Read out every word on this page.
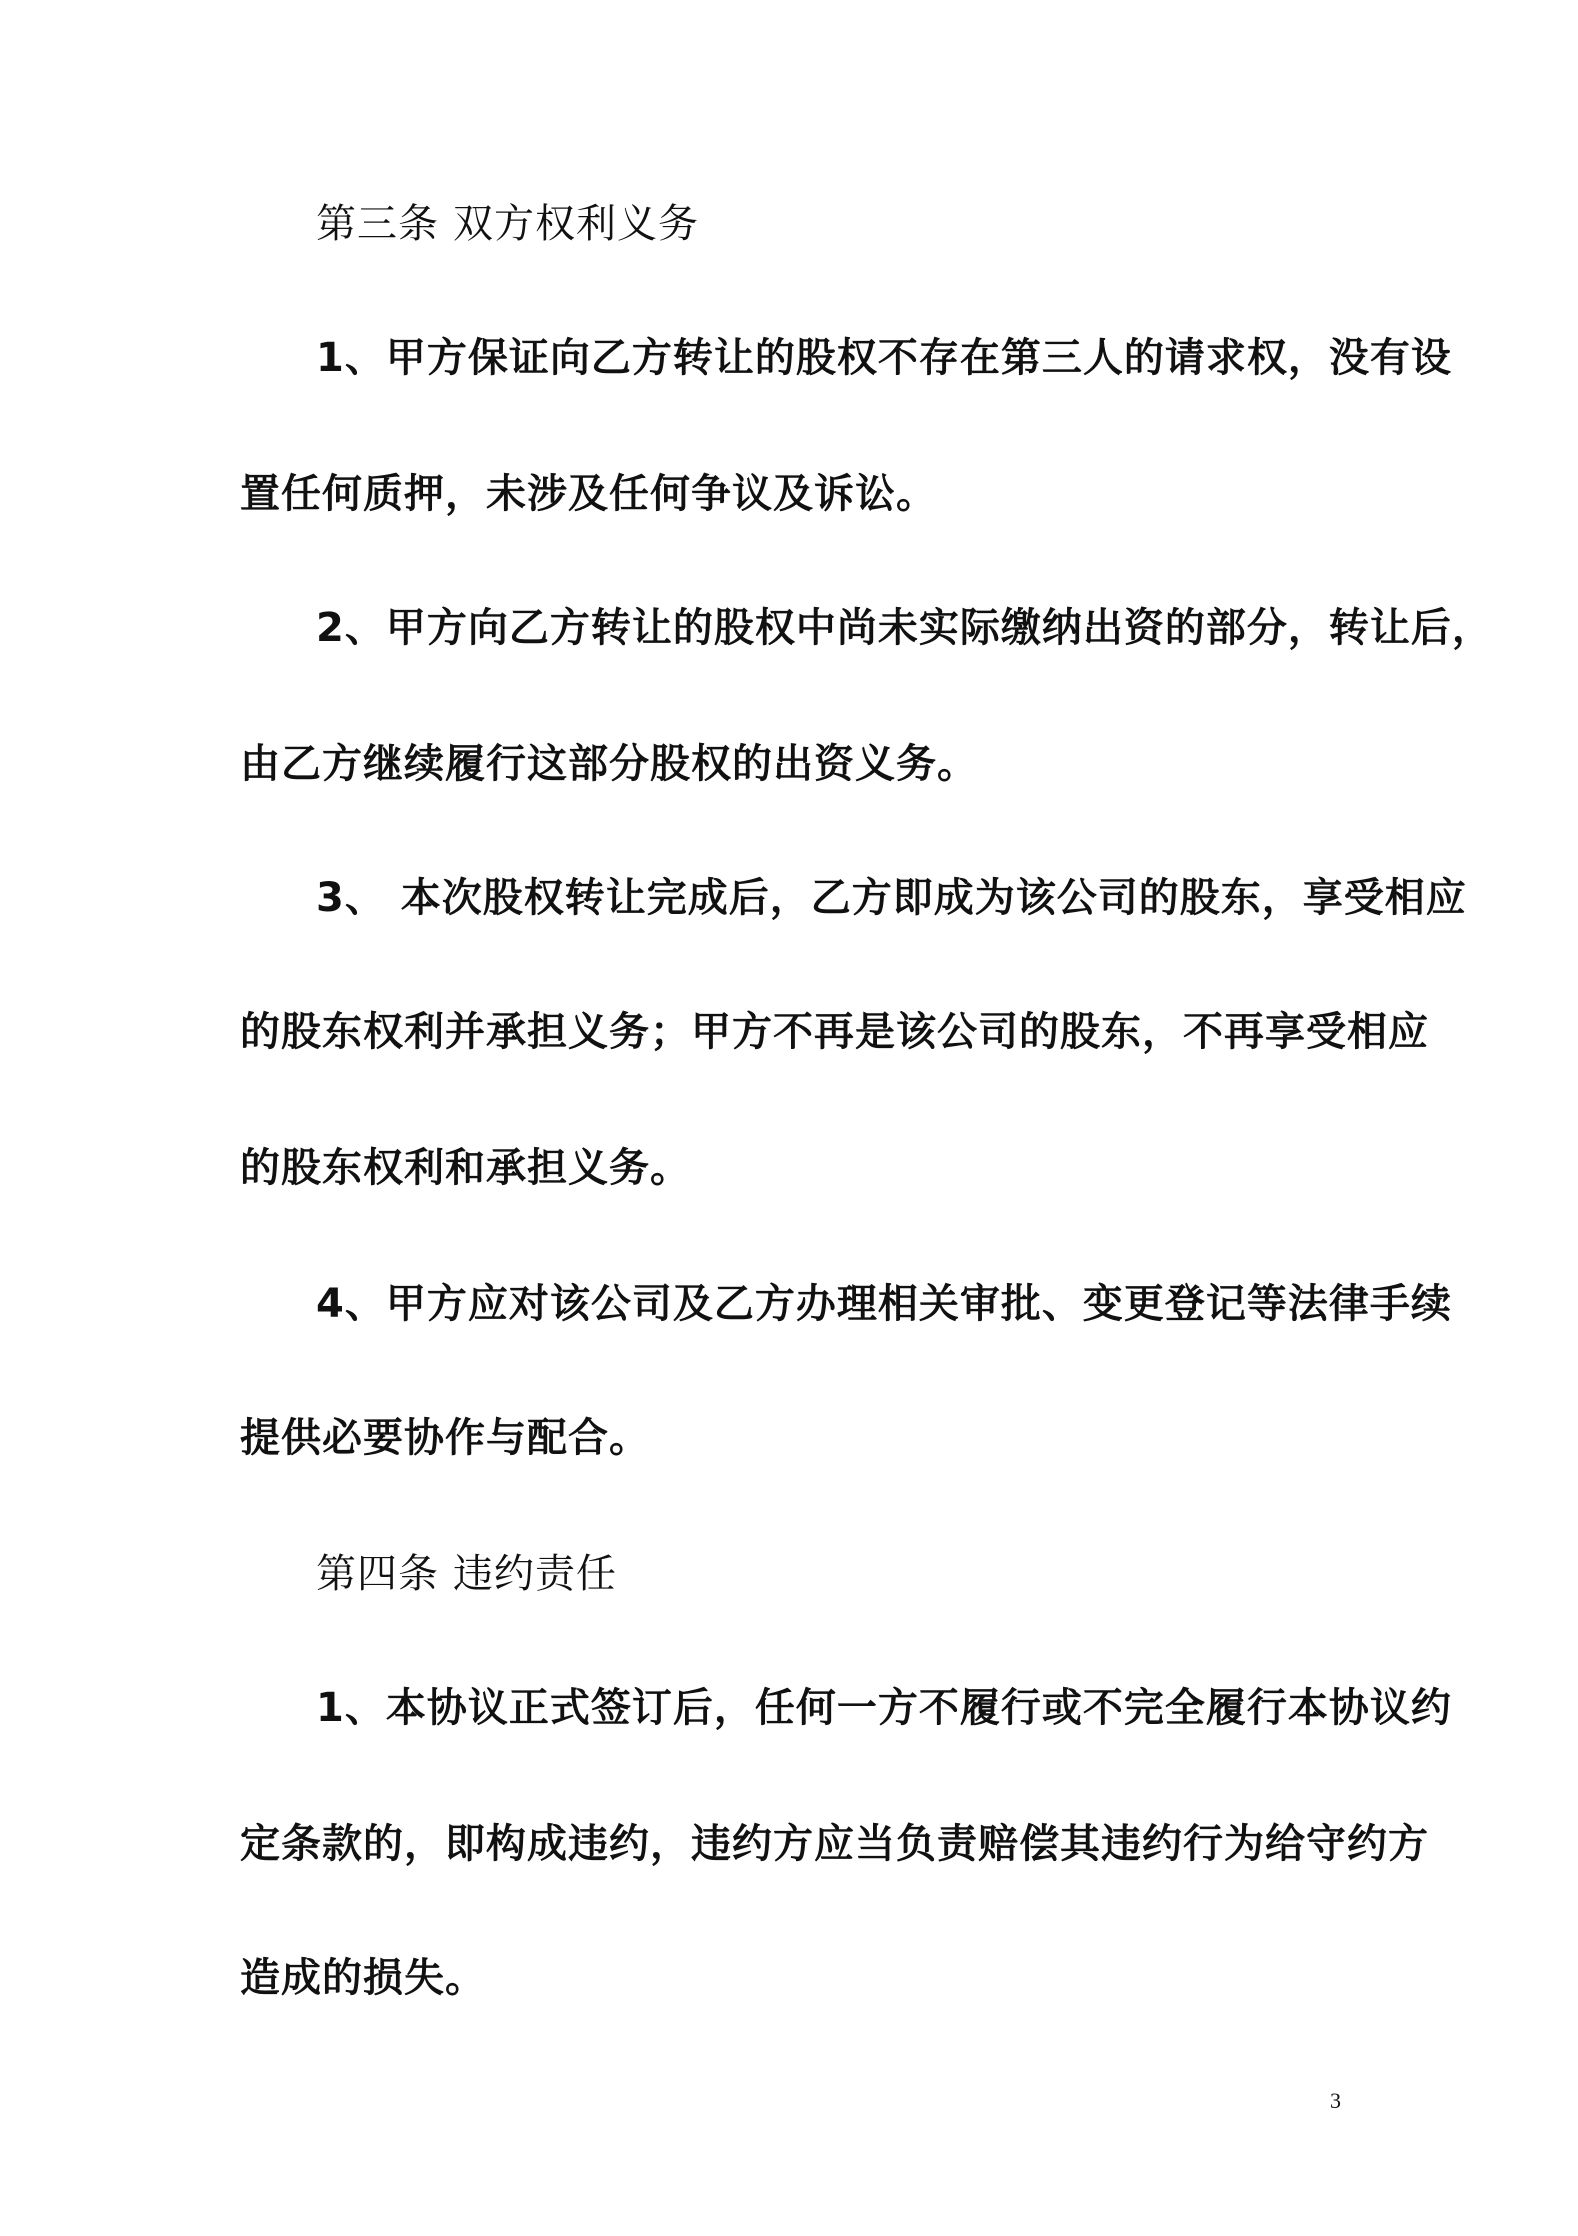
第三条 双方权利义务
1、甲方保证向乙方转让的股权不存在第三人的请求权，没有设
置任何质押，未涉及任何争议及诉讼。
2、甲方向乙方转让的股权中尚未实际缴纳出资的部分，转让后，
由乙方继续履行这部分股权的出资义务。
3、 本次股权转让完成后，乙方即成为该公司的股东，享受相应
的股东权利并承担义务；甲方不再是该公司的股东，不再享受相应
的股东权利和承担义务。
4、甲方应对该公司及乙方办理相关审批、变更登记等法律手续
提供必要协作与配合。
第四条 违约责任
1、本协议正式签订后，任何一方不履行或不完全履行本协议约
定条款的，即构成违约，违约方应当负责赔偿其违约行为给守约方
造成的损失。
3
